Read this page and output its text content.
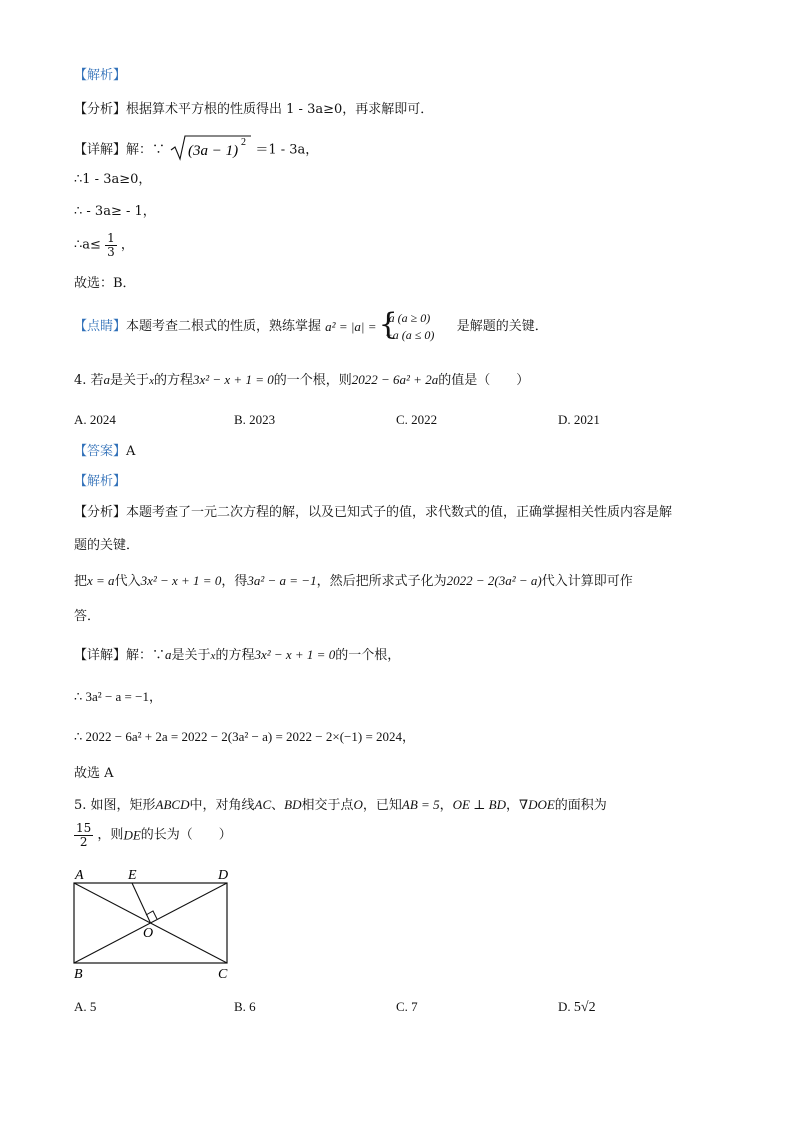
【解析】
【分析】根据算术平方根的性质得出 1 - 3a≥0，再求解即可．
【详解】解：∵ (3a − 1)
2 ＝1 - 3a，
∴1 - 3a≥0，
∴ - 3a≥ - 1，
∴a≤ $\frac{1}{3}$ ，
故选：B．
【点睛】本题考查二根式的性质，熟练掌握 a² = |a| = {
a (a ≥ 0)
−a (a ≤ 0)
是解题的关键．
4. 若a是关于x的方程3x² − x + 1 = 0的一个根，则2022 − 6a² + 2a的值是（　　）
A. 2024	B. 2023	C. 2022	D. 2021
【答案】A
【解析】
【分析】本题考查了一元二次方程的解，以及已知式子的值，求代数式的值，正确掌握相关性质内容是解
题的关键．
把x = a代入3x² − x + 1 = 0，得3a² − a = −1，然后把所求式子化为2022 − 2(3a² − a)代入计算即可作
答．
【详解】解：∵a是关于x的方程3x² − x + 1 = 0的一个根，
∴ 3a² − a = −1，
∴ 2022 − 6a² + 2a = 2022 − 2(3a² − a) = 2022 − 2×(−1) = 2024，
故选 A
5. 如图，矩形ABCD中，对角线AC、BD相交于点O，已知AB = 5，OE ⊥ BD，∇DOE的面积为
$\frac{15}{2}$ ，则DE的长为（　　）
A	E	D
O
B	C
A. 5	B. 6	C. 7	D. 5√2
